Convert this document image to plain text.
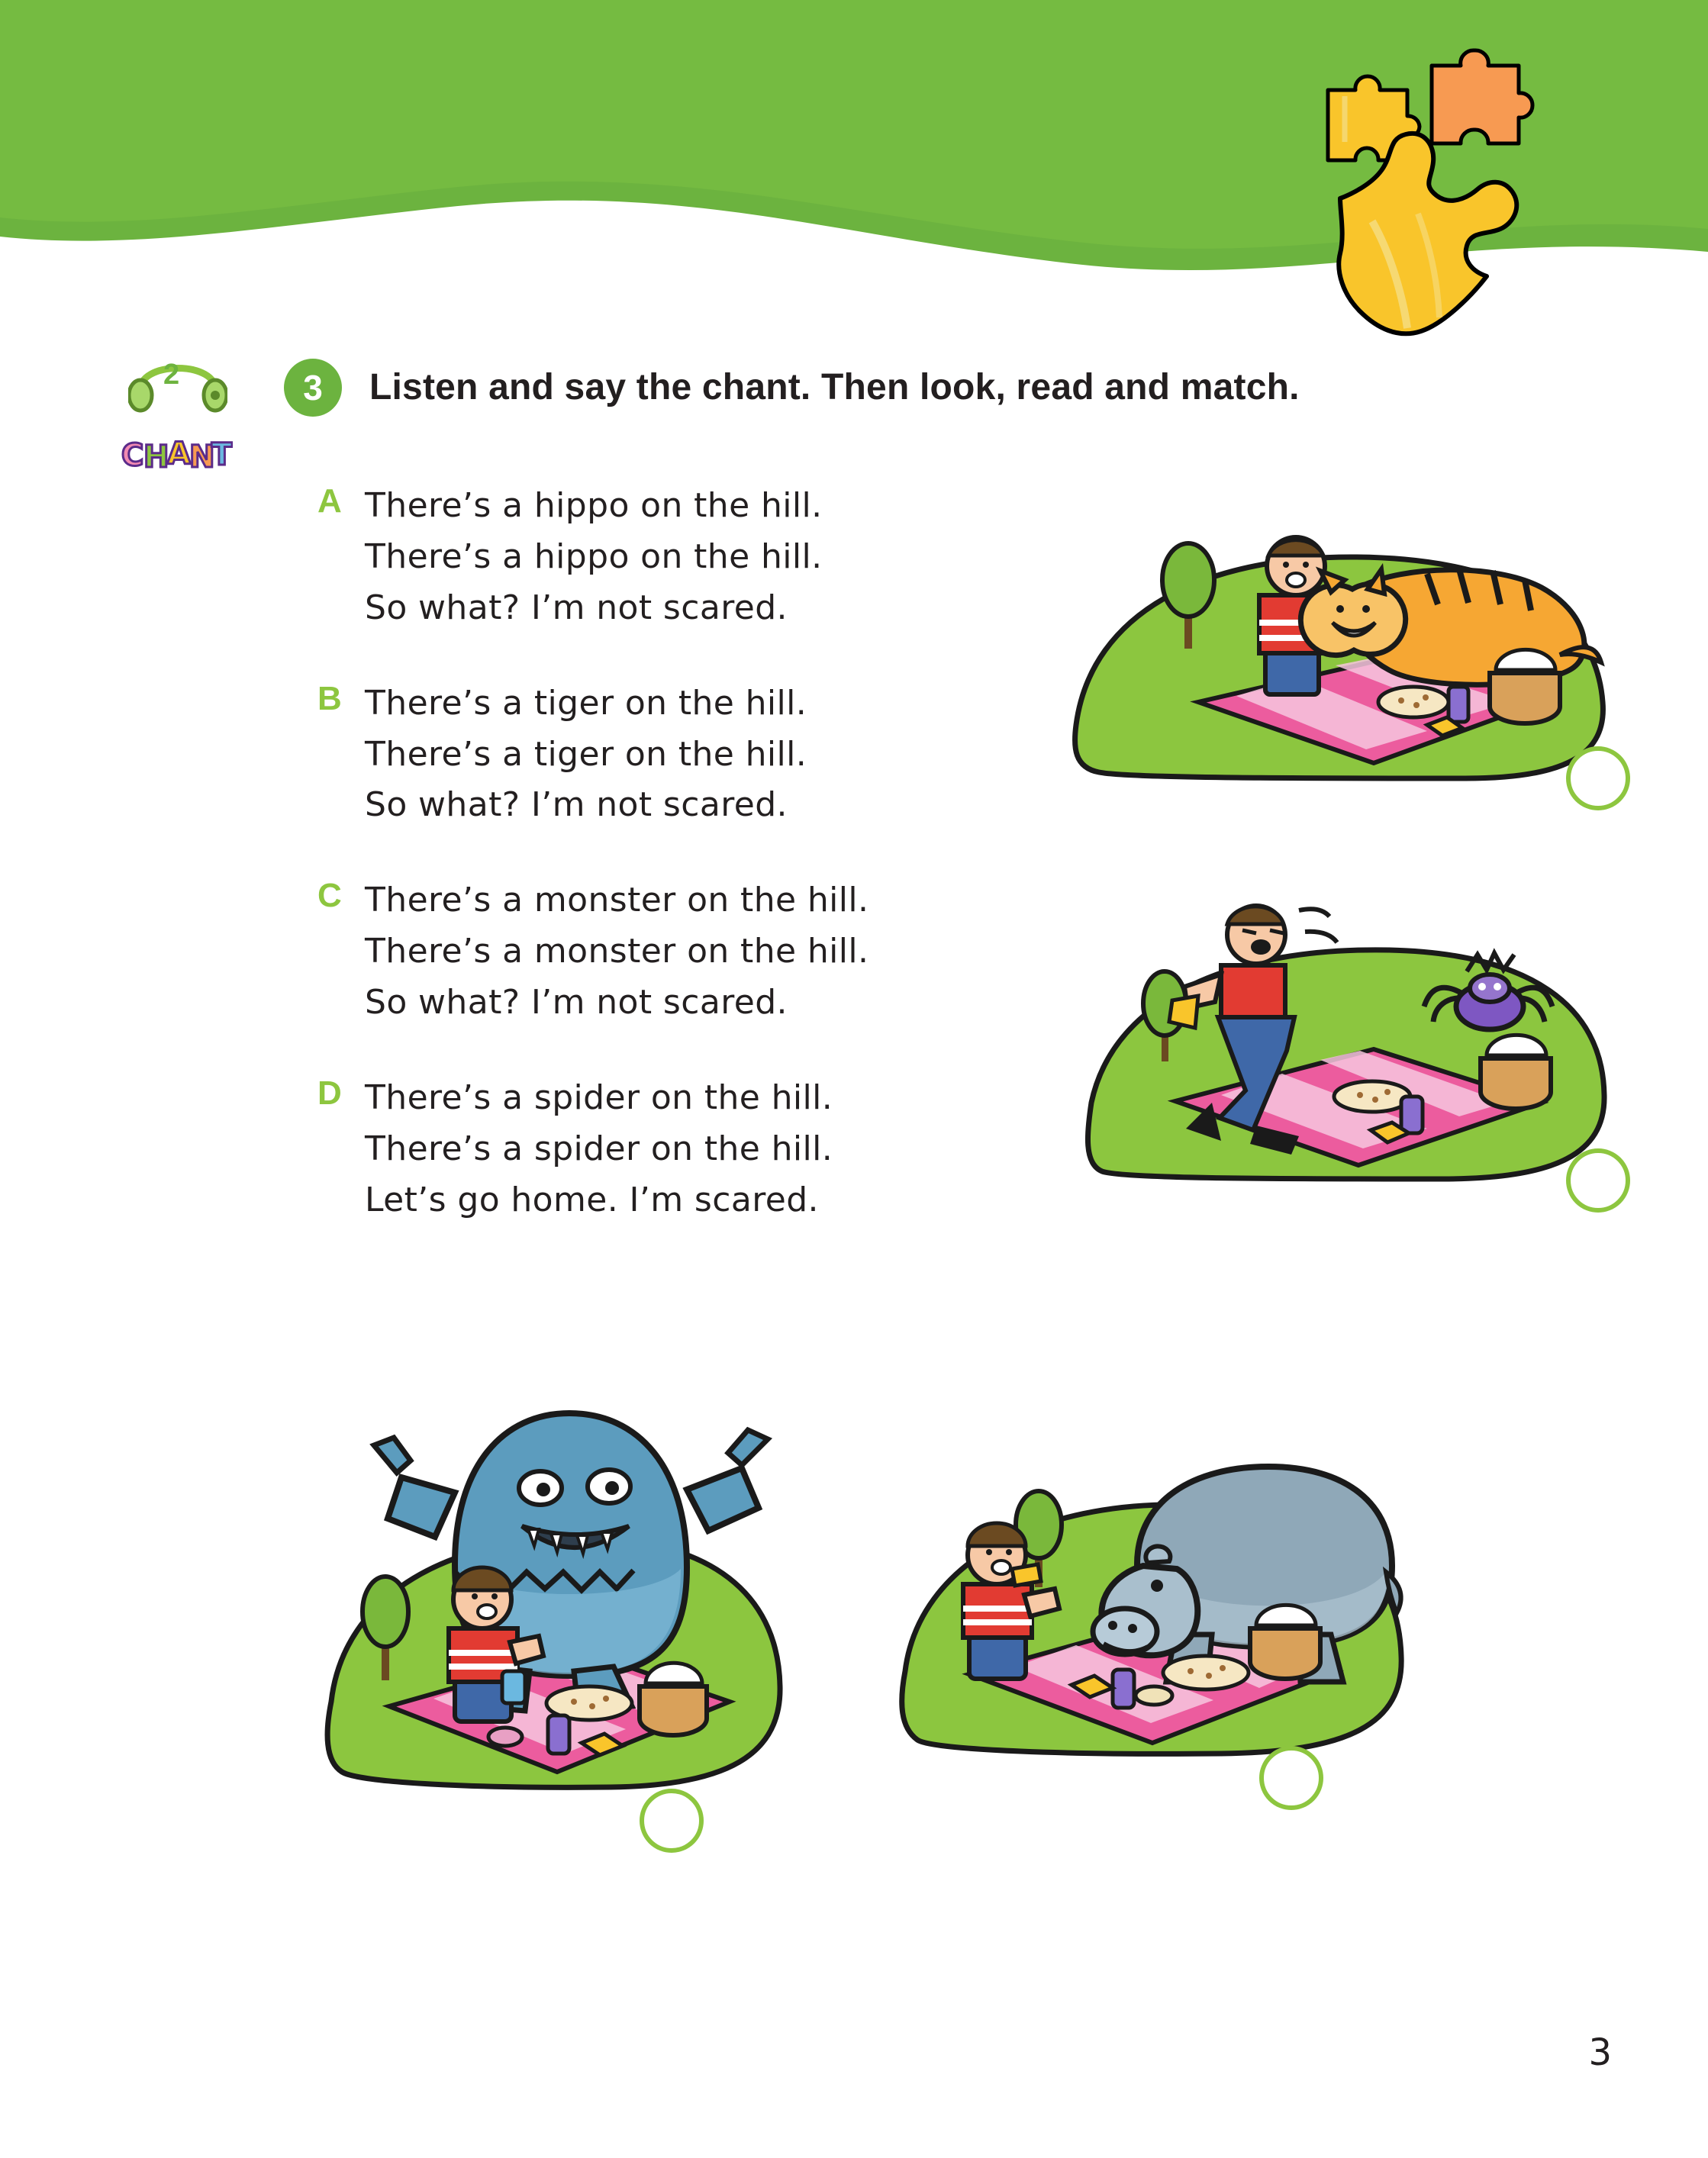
2
C H
A
N
T
3	Listen and say the chant. Then look, read and match.
A There’s a hippo on the hill.
There’s a hippo on the hill.
So what? I’m not scared.
B There’s a tiger on the hill.
There’s a tiger on the hill.
So what? I’m not scared.
C There’s a monster on the hill.
There’s a monster on the hill.
So what? I’m not scared.
D There’s a spider on the hill.
There’s a spider on the hill.
Let’s go home. I’m scared.
3
